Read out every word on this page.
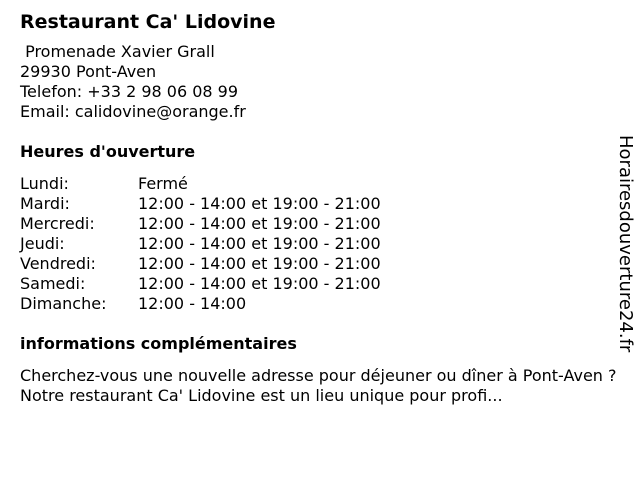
Restaurant Ca' Lidovine
Promenade Xavier Grall
29930 Pont-Aven
Telefon: +33 2 98 06 08 99
Email: calidovine@orange.fr
Heures d'ouverture
Lundi:	Fermé
Mardi:	12:00 - 14:00 et 19:00 - 21:00
Mercredi:	12:00 - 14:00 et 19:00 - 21:00
Jeudi:	12:00 - 14:00 et 19:00 - 21:00
Vendredi:	12:00 - 14:00 et 19:00 - 21:00
Samedi:	12:00 - 14:00 et 19:00 - 21:00
Dimanche:	12:00 - 14:00
informations complémentaires
Cherchez-vous une nouvelle adresse pour déjeuner ou dîner à Pont-Aven ? Notre restaurant Ca' Lidovine est un lieu unique pour profi...
Horairesdouverture24.fr
